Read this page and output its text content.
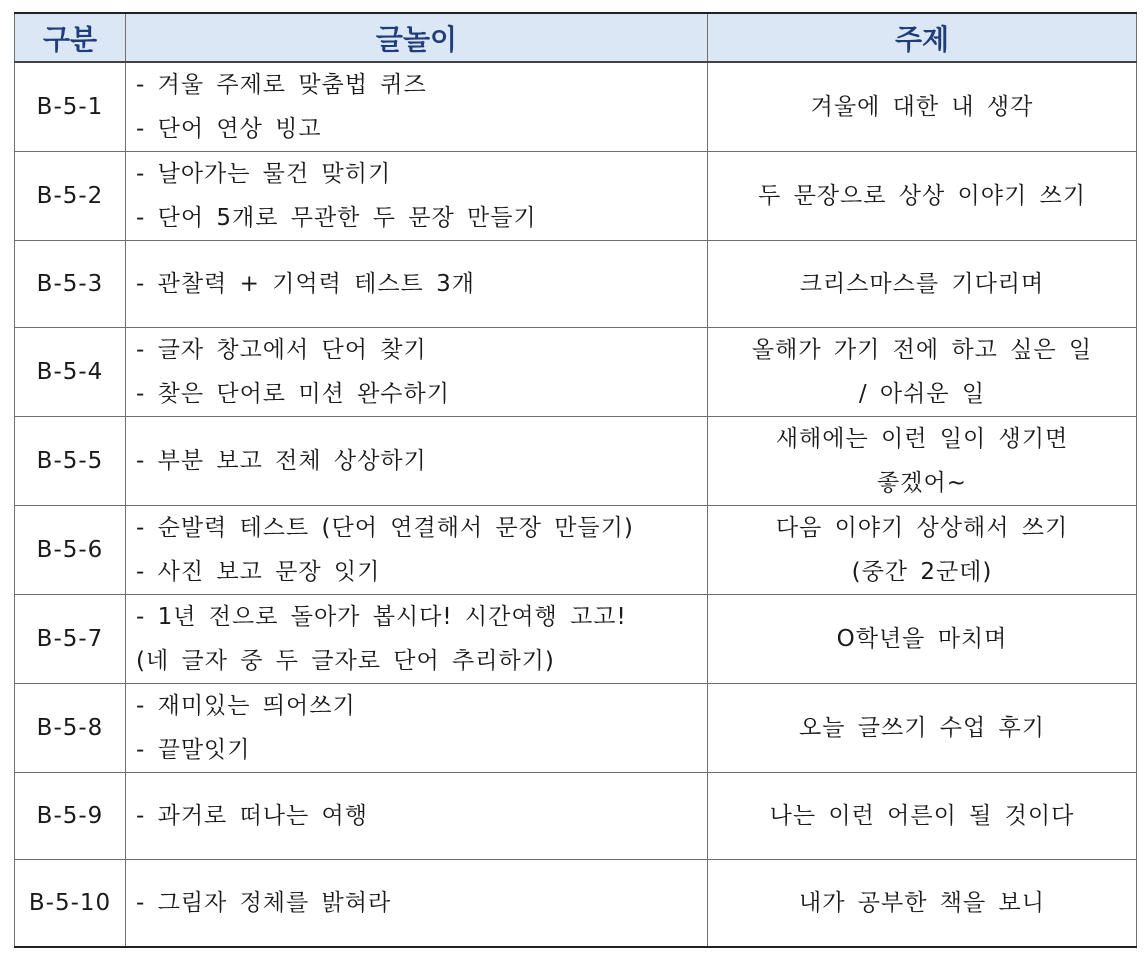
구분	글놀이	주제
B-5-1	- 겨울 주제로 맞춤법 퀴즈
- 단어 연상 빙고	겨울에 대한 내 생각

B-5-2	- 날아가는 물건 맞히기
- 단어 5개로 무관한 두 문장 만들기	두 문장으로 상상 이야기 쓰기

B-5-3	- 관찰력 + 기억력 테스트 3개	크리스마스를 기다리며

B-5-4	- 글자 창고에서 단어 찾기
- 찾은 단어로 미션 완수하기	올해가 가기 전에 하고 싶은 일
/ 아쉬운 일

B-5-5	- 부분 보고 전체 상상하기	새해에는 이런 일이 생기면
좋겠어~

B-5-6	- 순발력 테스트 (단어 연결해서 문장 만들기)
- 사진 보고 문장 잇기	다음 이야기 상상해서 쓰기
(중간 2군데)

B-5-7	- 1년 전으로 돌아가 봅시다! 시간여행 고고!
(네 글자 중 두 글자로 단어 추리하기)	O학년을 마치며

B-5-8	- 재미있는 띄어쓰기
- 끝말잇기	오늘 글쓰기 수업 후기

B-5-9	- 과거로 떠나는 여행	나는 이런 어른이 될 것이다

B-5-10	- 그림자 정체를 밝혀라	내가 공부한 책을 보니
